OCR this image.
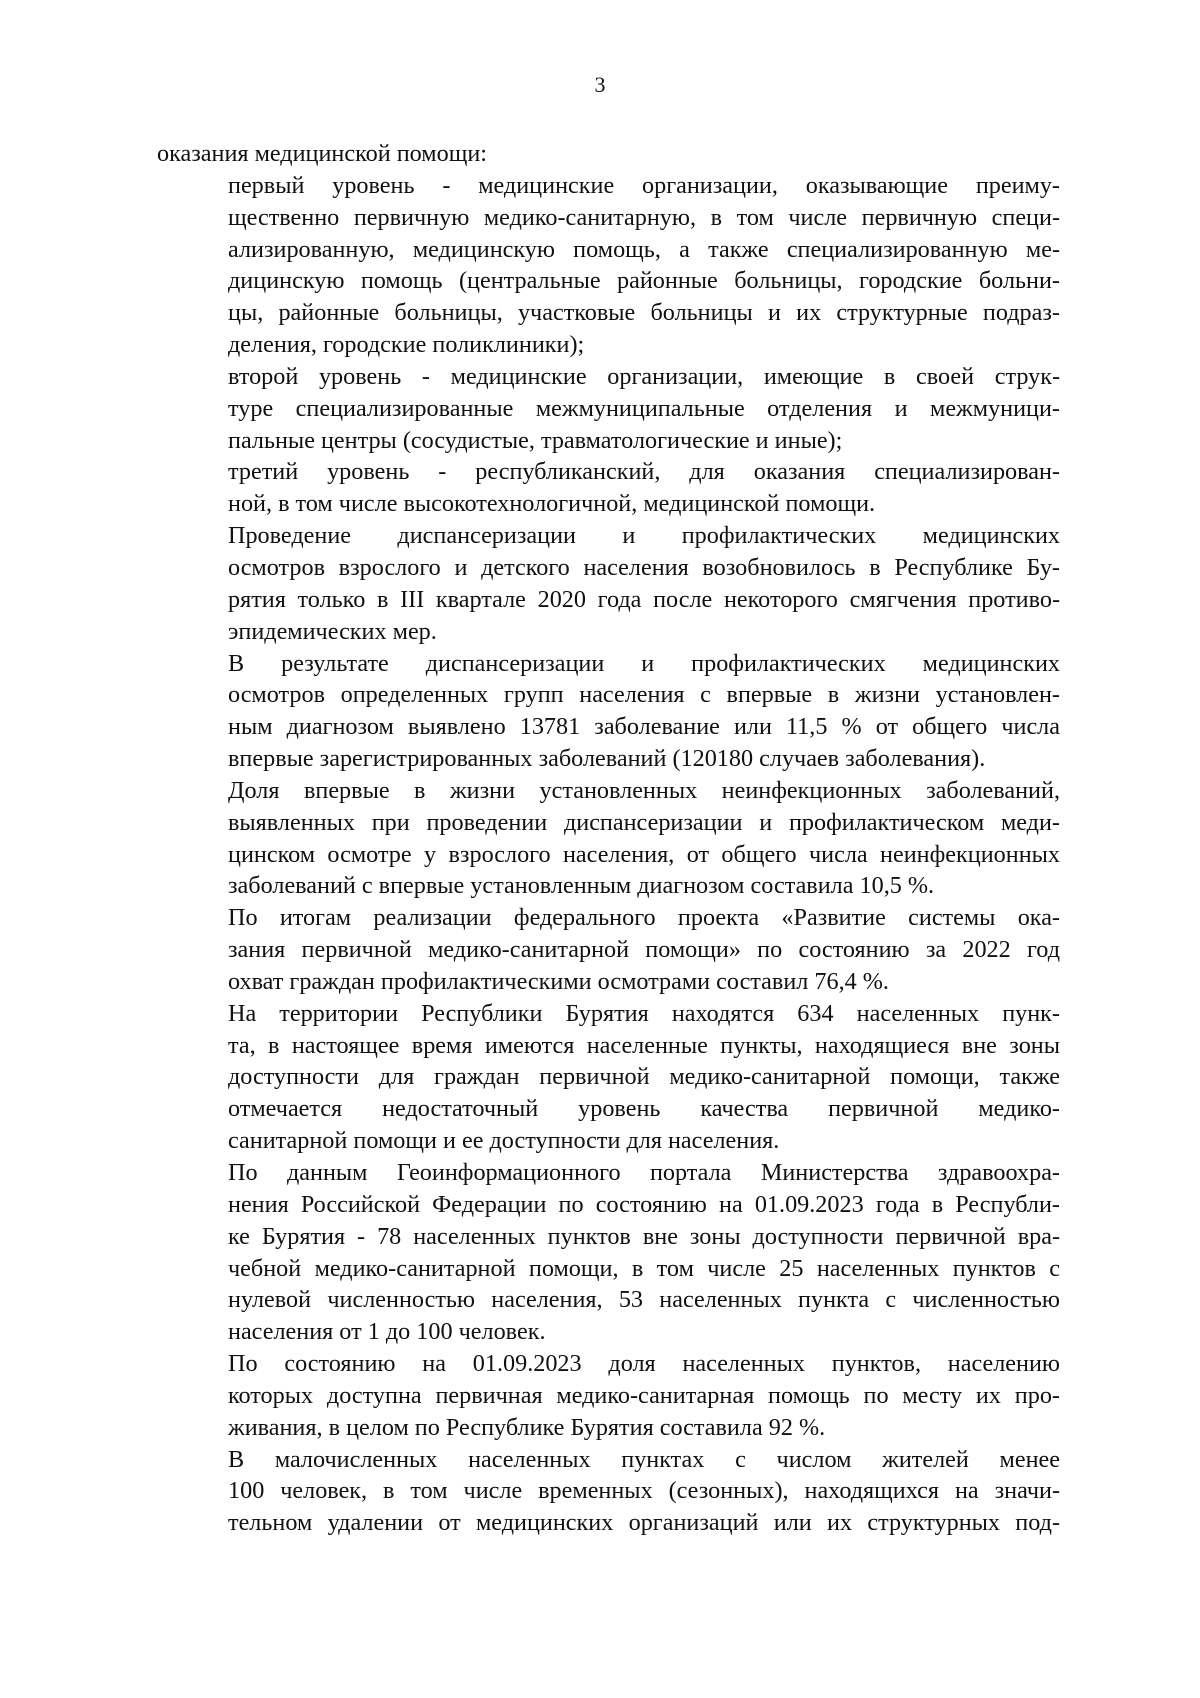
3

оказания медицинской помощи:

первый уровень - медицинские организации, оказывающие преиму-
щественно первичную медико-санитарную, в том числе первичную специ-
ализированную, медицинскую помощь, а также специализированную ме-
дицинскую помощь (центральные районные больницы, городские больни-
цы, районные больницы, участковые больницы и их структурные подраз-
деления, городские поликлиники);

второй уровень - медицинские организации, имеющие в своей струк-
туре специализированные межмуниципальные отделения и межмуници-
пальные центры (сосудистые, травматологические и иные);

третий уровень - республиканский, для оказания специализирован-
ной, в том числе высокотехнологичной, медицинской помощи.

Проведение диспансеризации и профилактических медицинских
осмотров взрослого и детского населения возобновилось в Республике Бу-
рятия только в III квартале 2020 года после некоторого смягчения противо-
эпидемических мер.

В результате диспансеризации и профилактических медицинских
осмотров определенных групп населения с впервые в жизни установлен-
ным диагнозом выявлено 13781 заболевание или 11,5 % от общего числа
впервые зарегистрированных заболеваний (120180 случаев заболевания).

Доля впервые в жизни установленных неинфекционных заболеваний,
выявленных при проведении диспансеризации и профилактическом меди-
цинском осмотре у взрослого населения, от общего числа неинфекционных
заболеваний с впервые установленным диагнозом составила 10,5 %.

По итогам реализации федерального проекта «Развитие системы ока-
зания первичной медико-санитарной помощи» по состоянию за 2022 год
охват граждан профилактическими осмотрами составил 76,4 %.

На территории Республики Бурятия находятся 634 населенных пунк-
та, в настоящее время имеются населенные пункты, находящиеся вне зоны
доступности для граждан первичной медико-санитарной помощи, также
отмечается недостаточный уровень качества первичной медико-
санитарной помощи и ее доступности для населения.

По данным Геоинформационного портала Министерства здравоохра-
нения Российской Федерации по состоянию на 01.09.2023 года в Республи-
ке Бурятия - 78 населенных пунктов вне зоны доступности первичной вра-
чебной медико-санитарной помощи, в том числе 25 населенных пунктов с
нулевой численностью населения, 53 населенных пункта с численностью
населения от 1 до 100 человек.

По состоянию на 01.09.2023 доля населенных пунктов, населению
которых доступна первичная медико-санитарная помощь по месту их про-
живания, в целом по Республике Бурятия составила 92 %.

В малочисленных населенных пунктах с числом жителей менее
100 человек, в том числе временных (сезонных), находящихся на значи-
тельном удалении от медицинских организаций или их структурных под-
